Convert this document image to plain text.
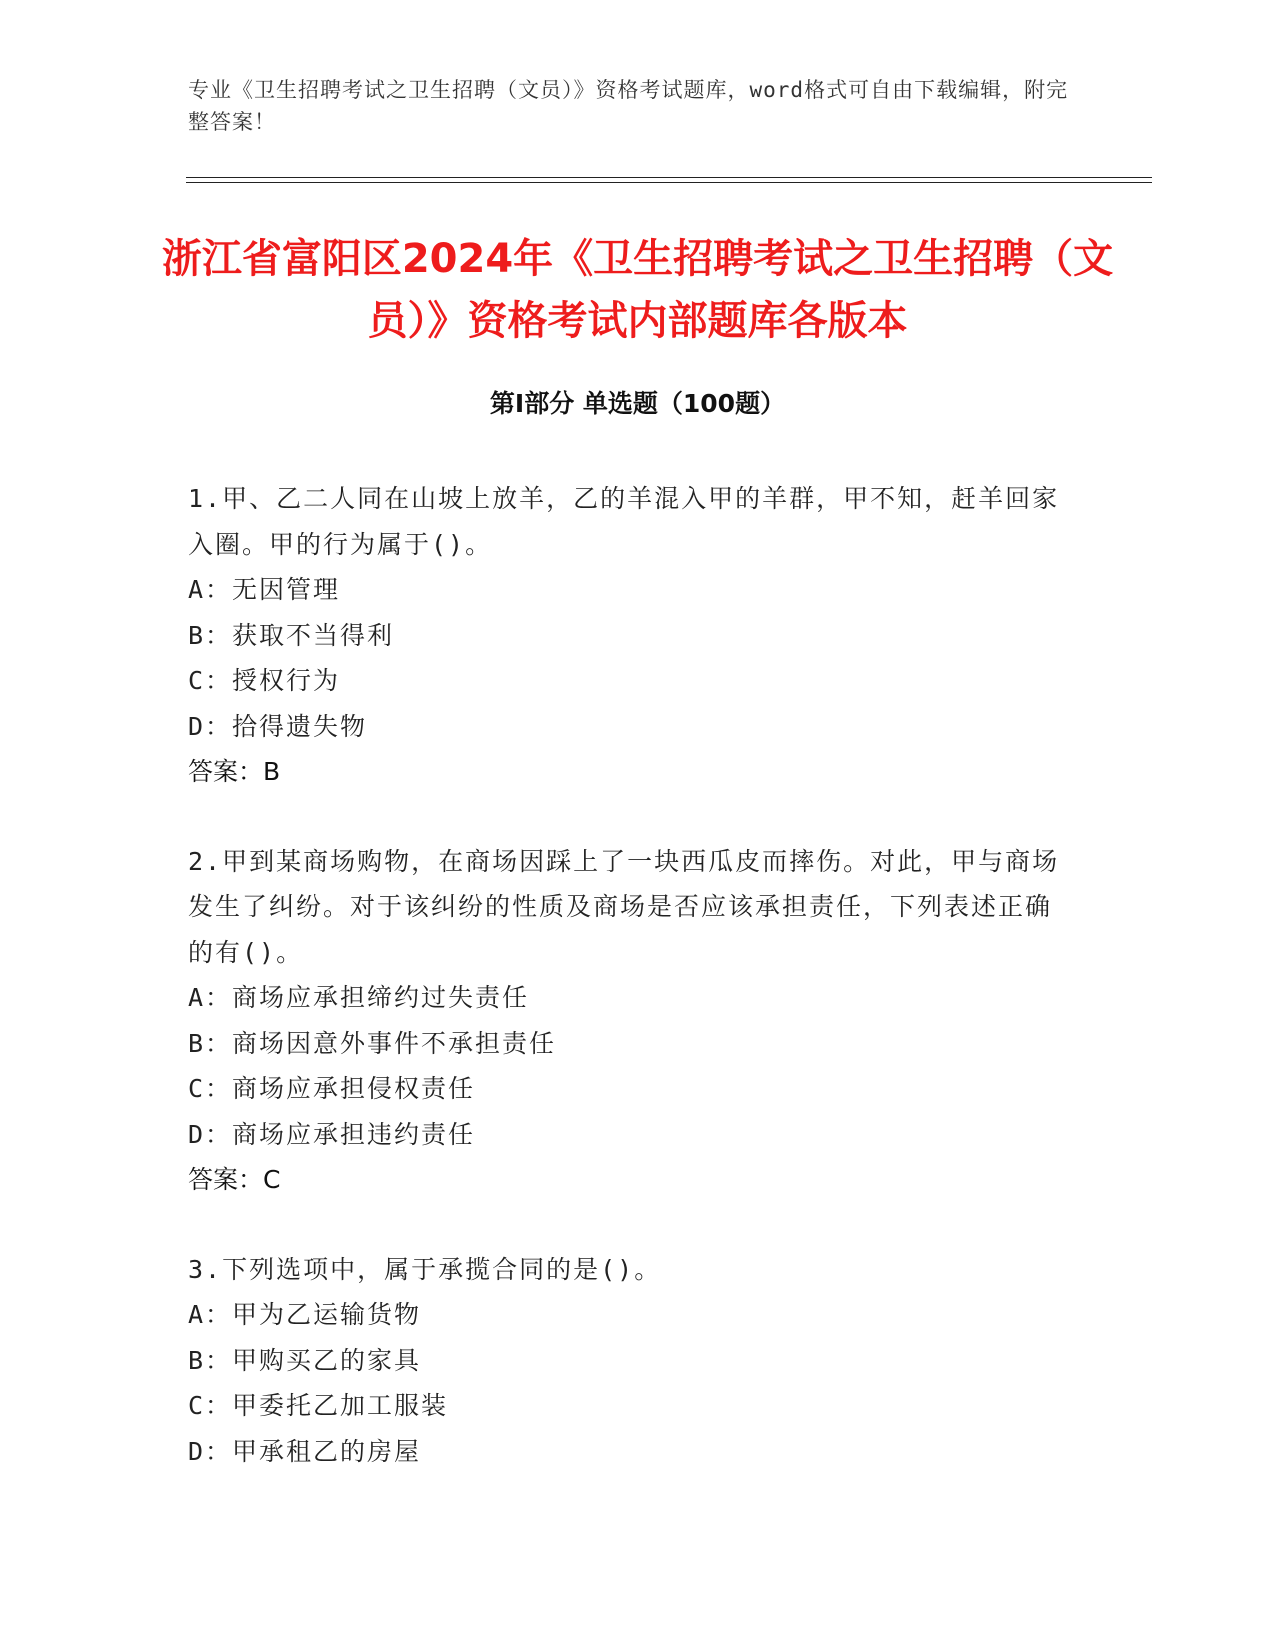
专业《卫生招聘考试之卫生招聘（文员）》资格考试题库，word格式可自由下载编辑，附完整答案！
浙江省富阳区2024年《卫生招聘考试之卫生招聘（文员）》资格考试内部题库各版本
第Ⅰ部分 单选题（100题）
1.甲、乙二人同在山坡上放羊，乙的羊混入甲的羊群，甲不知，赶羊回家入圈。甲的行为属于()。
A：无因管理
B：获取不当得利
C：授权行为
D：拾得遗失物
答案：B
2.甲到某商场购物，在商场因踩上了一块西瓜皮而摔伤。对此，甲与商场发生了纠纷。对于该纠纷的性质及商场是否应该承担责任，下列表述正确的有()。
A：商场应承担缔约过失责任
B：商场因意外事件不承担责任
C：商场应承担侵权责任
D：商场应承担违约责任
答案：C
3.下列选项中，属于承揽合同的是()。
A：甲为乙运输货物
B：甲购买乙的家具
C：甲委托乙加工服装
D：甲承租乙的房屋
